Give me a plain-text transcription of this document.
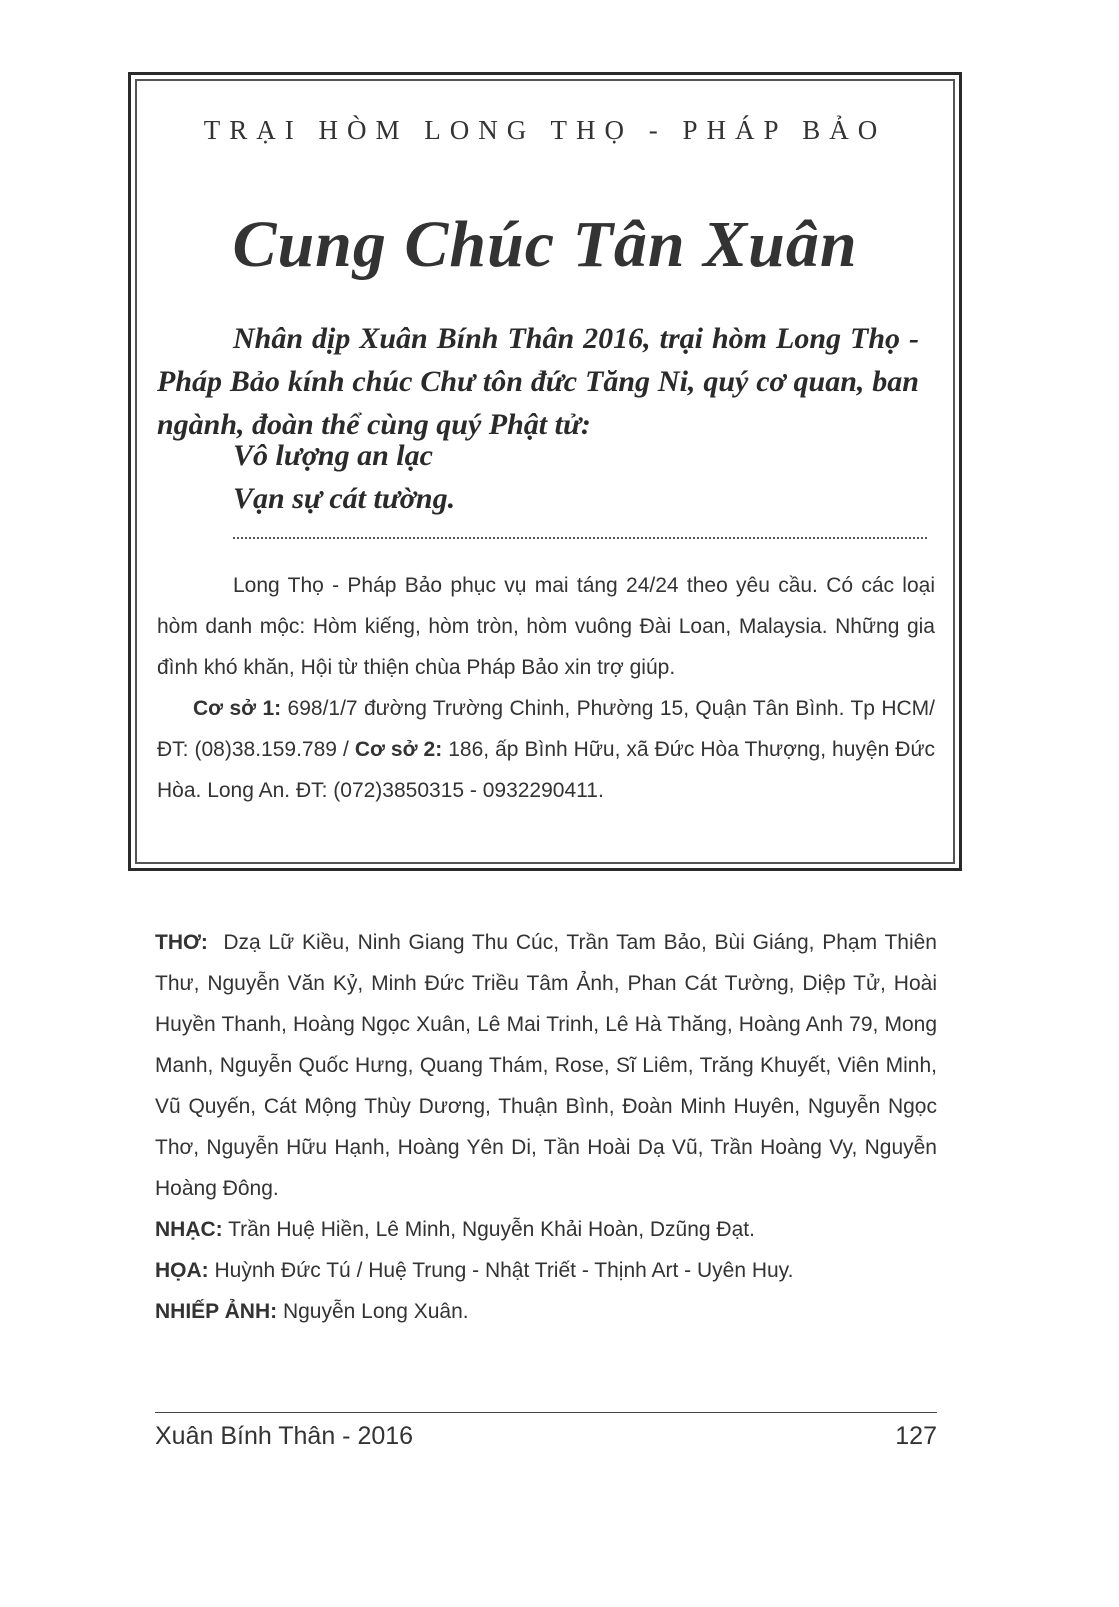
TRẠI HÒM LONG THỌ - PHÁP BẢO
Cung Chúc Tân Xuân
Nhân dịp Xuân Bính Thân 2016, trại hòm Long Thọ - Pháp Bảo kính chúc Chư tôn đức Tăng Ni, quý cơ quan, ban ngành, đoàn thể cùng quý Phật tử:
Vô lượng an lạc
Vạn sự cát tường.

Long Thọ - Pháp Bảo phục vụ mai táng 24/24 theo yêu cầu. Có các loại hòm danh mộc: Hòm kiếng, hòm tròn, hòm vuông Đài Loan, Malaysia. Những gia đình khó khăn, Hội từ thiện chùa Pháp Bảo xin trợ giúp.

Cơ sở 1: 698/1/7 đường Trường Chinh, Phường 15, Quận Tân Bình. Tp HCM/ ĐT: (08)38.159.789 / Cơ sở 2: 186, ấp Bình Hữu, xã Đức Hòa Thượng, huyện Đức Hòa. Long An. ĐT: (072)3850315 - 0932290411.

THƠ:  Dzạ Lữ Kiều, Ninh Giang Thu Cúc, Trần Tam Bảo, Bùi Giáng, Phạm Thiên Thư, Nguyễn Văn Kỷ, Minh Đức Triều Tâm Ảnh, Phan Cát Tường, Diệp Tử, Hoài Huyền Thanh, Hoàng Ngọc Xuân, Lê Mai Trinh, Lê Hà Thăng, Hoàng Anh 79, Mong Manh, Nguyễn Quốc Hưng, Quang Thám, Rose, Sĩ Liêm, Trăng Khuyết, Viên Minh, Vũ Quyến, Cát Mộng Thùy Dương, Thuận Bình, Đoàn Minh Huyên, Nguyễn Ngọc Thơ, Nguyễn Hữu Hạnh, Hoàng Yên Di, Tần Hoài Dạ Vũ, Trần Hoàng Vy, Nguyễn Hoàng Đông.

NHẠC: Trần Huệ Hiền, Lê Minh, Nguyễn Khải Hoàn, Dzũng Đạt.

HỌA: Huỳnh Đức Tú / Huệ Trung - Nhật Triết - Thịnh Art - Uyên Huy.

NHIẾP ẢNH: Nguyễn Long Xuân.

Xuân Bính Thân - 2016	127
